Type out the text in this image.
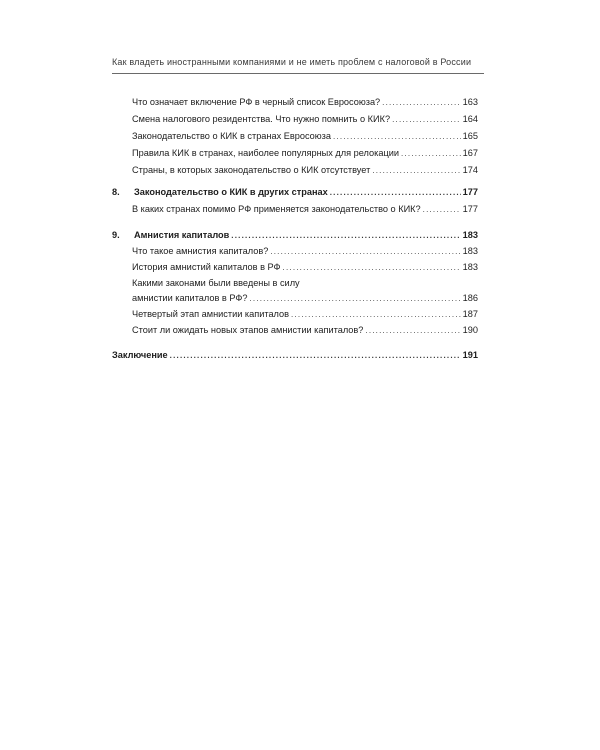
Как владеть иностранными компаниями и не иметь проблем с налоговой в России
Что означает включение РФ в черный список Евросоюза? .....	163
Смена налогового резидентства. Что нужно помнить о КИК? .....	164
Законодательство о КИК в странах Евросоюза .....	165
Правила КИК в странах, наиболее популярных для релокации .....	167
Страны, в которых законодательство о КИК отсутствует .....	174
8.	Законодательство о КИК в других странах .....	177
В каких странах помимо РФ применяется законодательство о КИК? .....	177
9.	Амнистия капиталов .....	183
Что такое амнистия капиталов? .....	183
История амнистий капиталов в РФ .....	183
Какими законами были введены в силу
амнистии капиталов в РФ? .....	186
Четвертый этап амнистии капиталов .....	187
Стоит ли ожидать новых этапов амнистии капиталов? .....	190
Заключение .....	191
